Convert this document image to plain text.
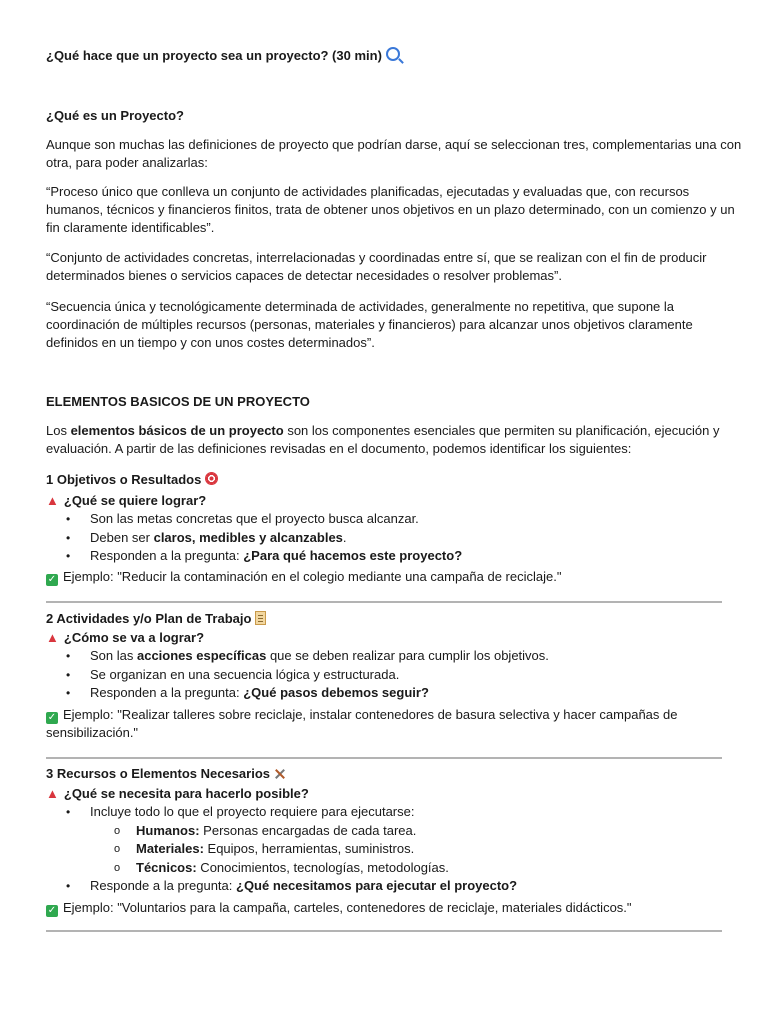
¿Qué hace que un proyecto sea un proyecto? (30 min)
¿Qué es un Proyecto?
Aunque son muchas las definiciones de proyecto que podrían darse, aquí se seleccionan tres, complementarias una con
otra, para poder analizarlas:
“Proceso único que conlleva un conjunto de actividades planificadas, ejecutadas y evaluadas que, con recursos
humanos, técnicos y financieros finitos, trata de obtener unos objetivos en un plazo determinado, con un comienzo y un
fin claramente identificables”.
“Conjunto de actividades concretas, interrelacionadas y coordinadas entre sí, que se realizan con el fin de producir
determinados bienes o servicios capaces de detectar necesidades o resolver problemas”.
“Secuencia única y tecnológicamente determinada de actividades, generalmente no repetitiva, que supone la
coordinación de múltiples recursos (personas, materiales y financieros) para alcanzar unos objetivos claramente
definidos en un tiempo y con unos costes determinados”.
ELEMENTOS BASICOS DE UN PROYECTO
Los elementos básicos de un proyecto son los componentes esenciales que permiten su planificación, ejecución y
evaluación. A partir de las definiciones revisadas en el documento, podemos identificar los siguientes:
1 Objetivos o Resultados
▲ ¿Qué se quiere lograr?
• Son las metas concretas que el proyecto busca alcanzar.
• Deben ser claros, medibles y alcanzables.
• Responden a la pregunta: ¿Para qué hacemos este proyecto?
✓ Ejemplo: "Reducir la contaminación en el colegio mediante una campaña de reciclaje."
2 Actividades y/o Plan de Trabajo
▲ ¿Cómo se va a lograr?
• Son las acciones específicas que se deben realizar para cumplir los objetivos.
• Se organizan en una secuencia lógica y estructurada.
• Responden a la pregunta: ¿Qué pasos debemos seguir?
✓ Ejemplo: "Realizar talleres sobre reciclaje, instalar contenedores de basura selectiva y hacer campañas de
sensibilización."
3 Recursos o Elementos Necesarios
▲ ¿Qué se necesita para hacerlo posible?
• Incluye todo lo que el proyecto requiere para ejecutarse:
o Humanos: Personas encargadas de cada tarea.
o Materiales: Equipos, herramientas, suministros.
o Técnicos: Conocimientos, tecnologías, metodologías.
• Responde a la pregunta: ¿Qué necesitamos para ejecutar el proyecto?
✓ Ejemplo: "Voluntarios para la campaña, carteles, contenedores de reciclaje, materiales didácticos."
